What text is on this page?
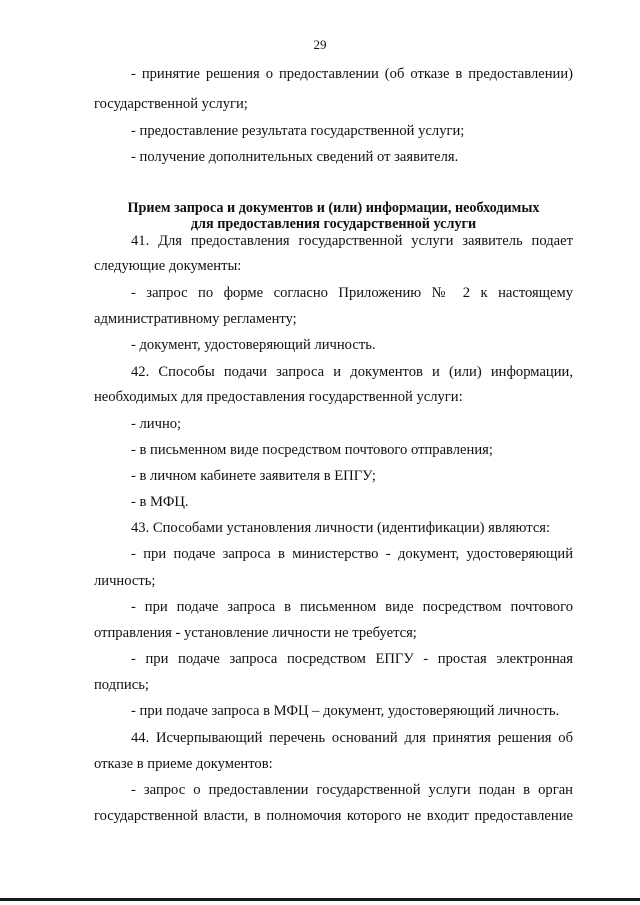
29

- принятие решения о предоставлении (об отказе в предоставлении)

государственной услуги;

- предоставление результата государственной услуги;

- получение дополнительных сведений от заявителя.

Прием запроса и документов и (или) информации, необходимых

для предоставления государственной услуги

41. Для предоставления государственной услуги заявитель подает

следующие документы:

- запрос по форме согласно Приложению № 2 к настоящему

административному регламенту;

- документ, удостоверяющий личность.

42. Способы подачи запроса и документов и (или) информации,

необходимых для предоставления государственной услуги:

- лично;

- в письменном виде посредством почтового отправления;

- в личном кабинете заявителя в ЕПГУ;

- в МФЦ.

43. Способами установления личности (идентификации) являются:

- при подаче запроса в министерство - документ, удостоверяющий

личность;

- при подаче запроса в письменном виде посредством почтового

отправления - установление личности не требуется;

- при подаче запроса посредством ЕПГУ - простая электронная

подпись;

- при подаче запроса в МФЦ – документ, удостоверяющий личность.

44. Исчерпывающий перечень оснований для принятия решения об

отказе в приеме документов:

- запрос о предоставлении государственной услуги подан в орган

государственной власти, в полномочия которого не входит предоставление
